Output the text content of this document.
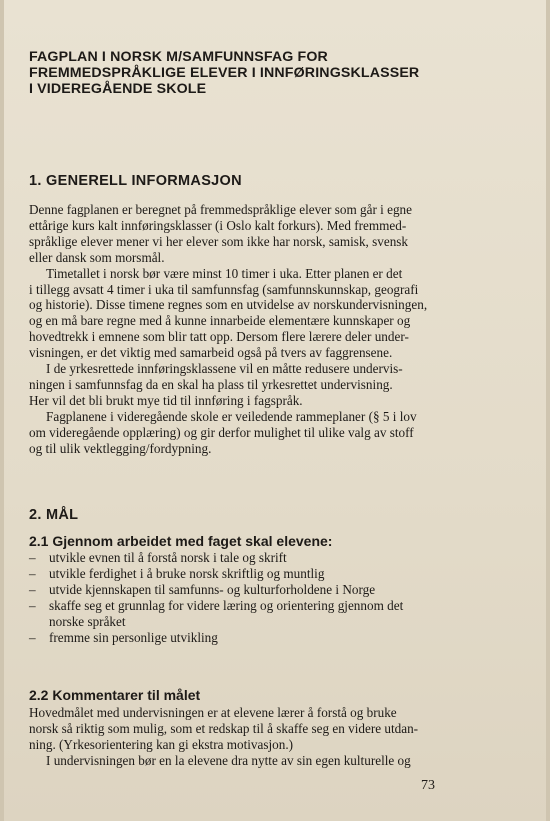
FAGPLAN I NORSK M/SAMFUNNSFAG FOR
FREMMEDSPRÅKLIGE ELEVER I INNFØRINGSKLASSER
I VIDEREGÅENDE SKOLE
1. GENERELL INFORMASJON
Denne fagplanen er beregnet på fremmedspråklige elever som går i egne
ettårige kurs kalt innføringsklasser (i Oslo kalt forkurs). Med fremmed-
språklige elever mener vi her elever som ikke har norsk, samisk, svensk
eller dansk som morsmål.
Timetallet i norsk bør være minst 10 timer i uka. Etter planen er det
i tillegg avsatt 4 timer i uka til samfunnsfag (samfunnskunnskap, geografi
og historie). Disse timene regnes som en utvidelse av norskundervisningen,
og en må bare regne med å kunne innarbeide elementære kunnskaper og
hovedtrekk i emnene som blir tatt opp. Dersom flere lærere deler under-
visningen, er det viktig med samarbeid også på tvers av faggrensene.
I de yrkesrettede innføringsklassene vil en måtte redusere undervis-
ningen i samfunnsfag da en skal ha plass til yrkesrettet undervisning.
Her vil det bli brukt mye tid til innføring i fagspråk.
Fagplanene i videregående skole er veiledende rammeplaner (§ 5 i lov
om videregående opplæring) og gir derfor mulighet til ulike valg av stoff
og til ulik vektlegging/fordypning.
2. MÅL
2.1 Gjennom arbeidet med faget skal elevene:
–	utvikle evnen til å forstå norsk i tale og skrift
–	utvikle ferdighet i å bruke norsk skriftlig og muntlig
–	utvide kjennskapen til samfunns- og kulturforholdene i Norge
–	skaffe seg et grunnlag for videre læring og orientering gjennom det
norske språket
–	fremme sin personlige utvikling
2.2 Kommentarer til målet
Hovedmålet med undervisningen er at elevene lærer å forstå og bruke
norsk så riktig som mulig, som et redskap til å skaffe seg en videre utdan-
ning. (Yrkesorientering kan gi ekstra motivasjon.)
I undervisningen bør en la elevene dra nytte av sin egen kulturelle og
73
